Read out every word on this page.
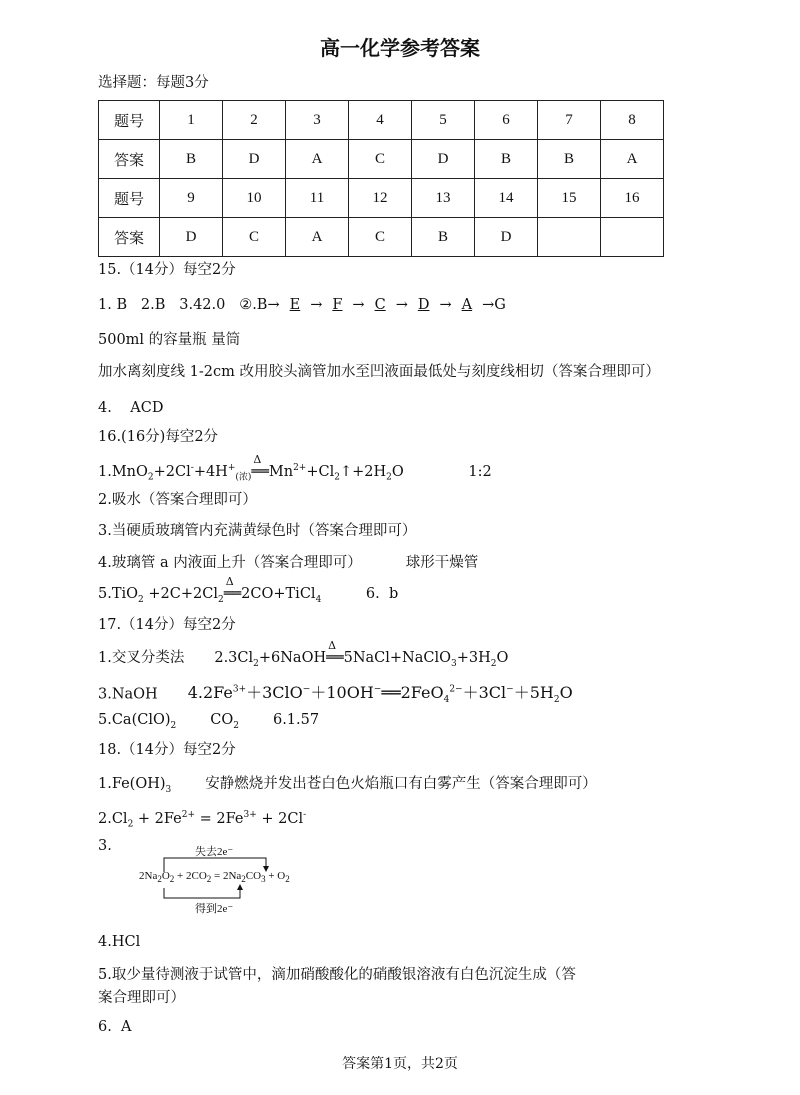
高一化学参考答案
选择题：每题3分
题号	1	2	3	4	5	6	7	8
答案	B	D	A	C	D	B	B	A
题号	9	10	11	12	13	14	15	16
答案	D	C	A	C	B	D		
15.（14分）每空2分
1. B   2.B   3.42.0   ②.B→ E → F → C → D → A →G
500ml 的容量瓶 量筒
加水离刻度线 1-2cm 改用胶头滴管加水至凹液面最低处与刻度线相切（答案合理即可）
4.    ACD
16.(16分)每空2分
$1.MnO_2+2Cl^-+4H^+_{(浓)}$
Δ
$══Mn^{2+}+Cl_2↑+2H_2O$	1:2
2.吸水（答案合理即可）
3.当硬质玻璃管内充满黄绿色时（答案合理即可）
4.玻璃管 a 内液面上升（答案合理即可）	球形干燥管
$5.TiO_2 +2C+2Cl_2$
Δ
══2CO+TiCl$_4$	6.  b
17.（14分）每空2分
1.交叉分类法 $2.3Cl_2+6NaOH$
Δ
$══5NaCl+NaClO_3+3H_2O$
3.NaOH $4.2Fe^{3+}+3ClO^-+10OH^-══2FeO_4^{2-}+3Cl^-+5H_2O$
$5.Ca(ClO)_2$ $CO_2$ 6.1.57
18.（14分）每空2分
$1.Fe(OH)_3$ 安静燃烧并发出苍白色火焰瓶口有白雾产生（答案合理即可）
$2.Cl_2 + 2Fe^{2+} = 2Fe^{3+} + 2Cl^-$
3.	失去2e⁻
$2Na_2O_2 + 2CO_2 = 2Na_2CO_3 + O_2$
得到2e⁻
4.HCl
5.取少量待测液于试管中，滴加硝酸酸化的硝酸银溶液有白色沉淀生成（答
案合理即可）
6.  A
答案第1页，共2页
